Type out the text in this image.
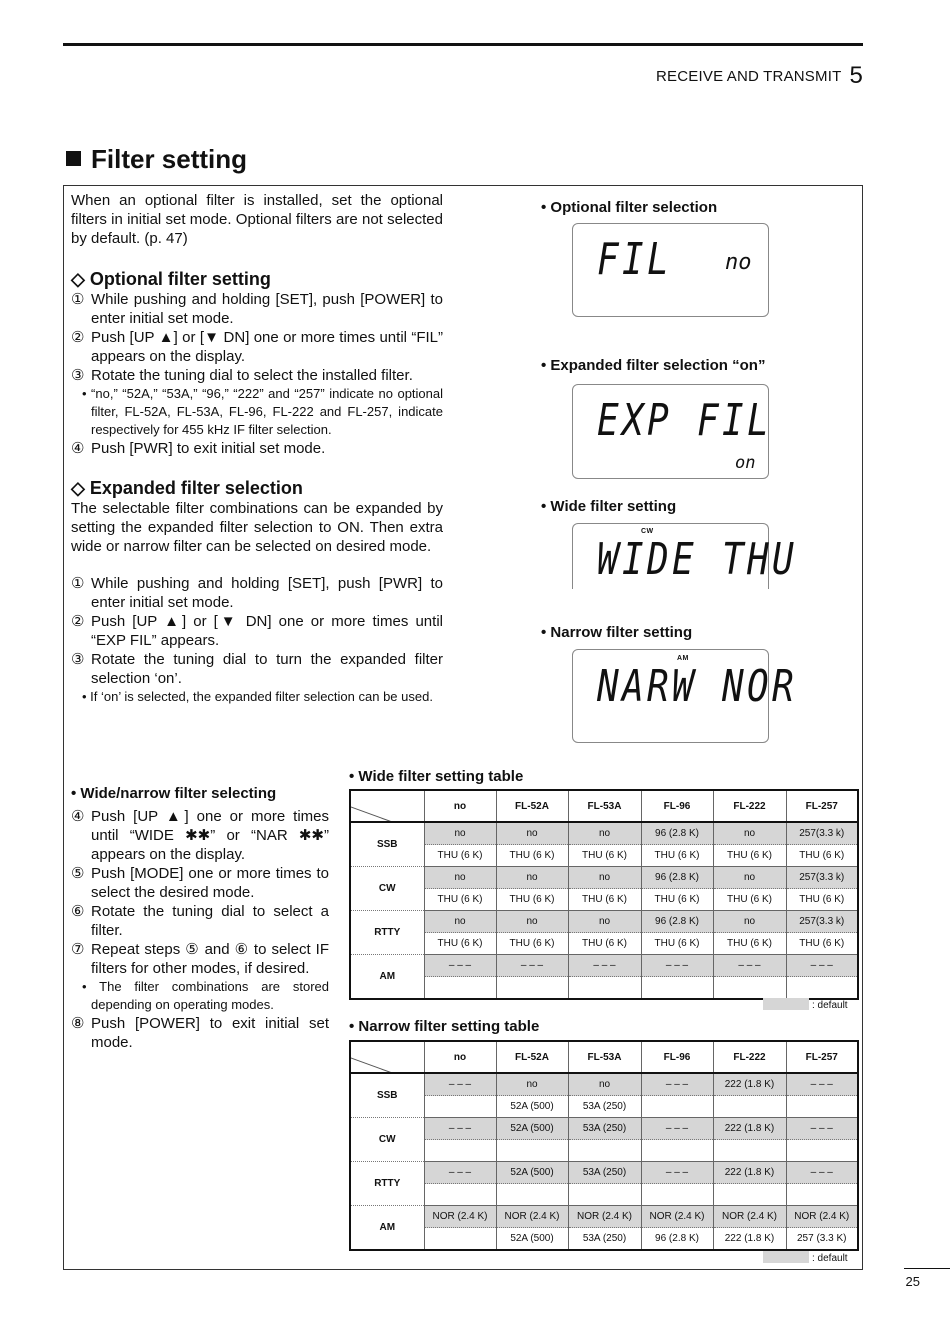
RECEIVE AND TRANSMIT 5
Filter setting

When an optional filter is installed, set the optional filters in initial set mode. Optional filters are not selected by default. (p. 47)

◇ Optional filter setting

① While pushing and holding [SET], push [POWER] to enter initial set mode.
② Push [UP ▲] or [▼ DN] one or more times until “FIL” appears on the display.
③ Rotate the tuning dial to select the installed filter.
• “no,” “52A,” “53A,” “96,” “222” and “257” indicate no optional filter, FL-52A, FL-53A, FL-96, FL-222 and FL-257, indicate respectively for 455 kHz IF filter selection.
④ Push [PWR] to exit initial set mode.

◇ Expanded filter selection

The selectable filter combinations can be expanded by setting the expanded filter selection to ON. Then extra wide or narrow filter can be selected on desired mode.

① While pushing and holding [SET], push [PWR] to enter initial set mode.
② Push [UP ▲] or [▼ DN] one or more times until “EXP FIL” appears.
③ Rotate the tuning dial to turn the expanded filter selection ‘on’.
• If ‘on’ is selected, the expanded filter selection can be used.
• Wide/narrow filter selecting
④ Push [UP ▲] one or more times until “WIDE ✱✱” or “NAR ✱✱” appears on the display.
⑤ Push [MODE] one or more times to select the desired mode.
⑥ Rotate the tuning dial to select a filter.
⑦ Repeat steps ⑤ and ⑥ to select IF filters for other modes, if desired.
• The filter combinations are stored depending on operating modes.
⑧ Push [POWER] to exit initial set mode.
• Optional filter selection
FIL no
• Expanded filter selection “on”
EXP FIL
on
• Wide filter setting
CW
WIDE THU
• Narrow filter setting
AM
NARW NOR
• Wide filter setting table
	no	FL-52A	FL-53A	FL-96	FL-222	FL-257
SSB	no	no	no	96 (2.8 K)	no	257(3.3 k)
	THU (6 K)	THU (6 K)	THU (6 K)	THU (6 K)	THU (6 K)	THU (6 K)
CW	no	no	no	96 (2.8 K)	no	257(3.3 k)
	THU (6 K)	THU (6 K)	THU (6 K)	THU (6 K)	THU (6 K)	THU (6 K)
RTTY	no	no	no	96 (2.8 K)	no	257(3.3 k)
	THU (6 K)	THU (6 K)	THU (6 K)	THU (6 K)	THU (6 K)	THU (6 K)
AM	– – –	– – –	– – –	– – –	– – –	– – –

: default
• Narrow filter setting table
	no	FL-52A	FL-53A	FL-96	FL-222	FL-257
SSB	– – –	no	no	– – –	222 (1.8 K)	– – –
		52A (500)	53A (250)			
CW	– – –	52A (500)	53A (250)	– – –	222 (1.8 K)	– – –

RTTY	– – –	52A (500)	53A (250)	– – –	222 (1.8 K)	– – –

AM	NOR (2.4 K)	NOR (2.4 K)	NOR (2.4 K)	NOR (2.4 K)	NOR (2.4 K)	NOR (2.4 K)
		52A (500)	53A (250)	96 (2.8 K)	222 (1.8 K)	257 (3.3 K)
: default
25
